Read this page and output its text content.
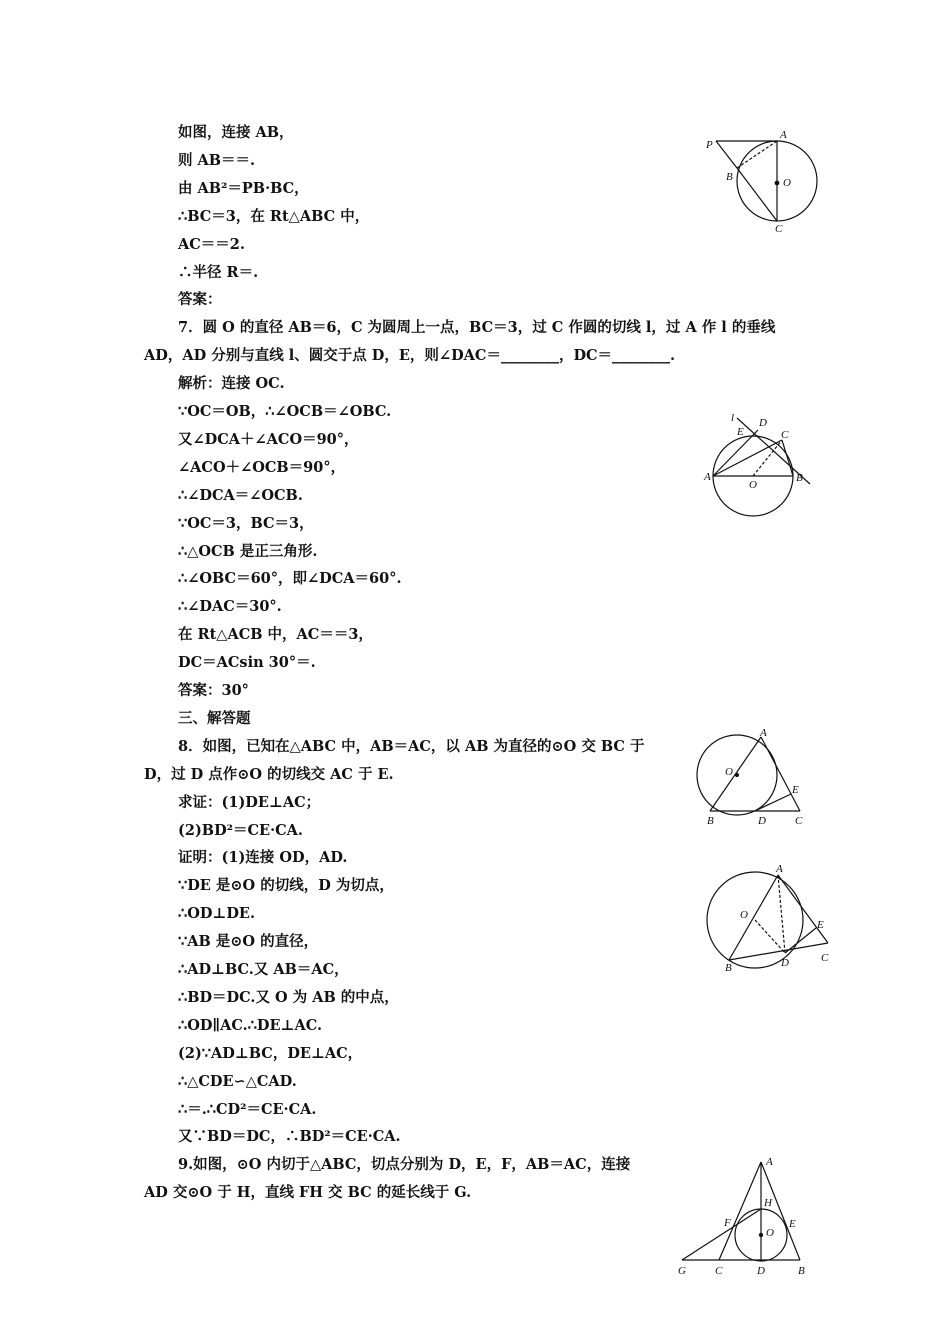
如图，连接 AB，
则 AB＝＝.
由 AB²＝PB·BC，
∴BC＝3，在 Rt△ABC 中，
AC＝＝2.
∴半径 R＝.
答案：
7．圆 O 的直径 AB＝6，C 为圆周上一点，BC＝3，过 C 作圆的切线 l，过 A 作 l 的垂线
AD，AD 分别与直线 l、圆交于点 D，E，则∠DAC＝________，DC＝________.
解析：连接 OC.
∵OC＝OB，∴∠OCB＝∠OBC.
又∠DCA＋∠ACO＝90°，
∠ACO＋∠OCB＝90°，
∴∠DCA＝∠OCB.
∵OC＝3，BC＝3，
∴△OCB 是正三角形.
∴∠OBC＝60°，即∠DCA＝60°.
∴∠DAC＝30°.
在 Rt△ACB 中，AC＝＝3，
DC＝ACsin 30°＝.
答案：30°
三、解答题
8．如图，已知在△ABC 中，AB＝AC，以 AB 为直径的⊙O 交 BC 于
D，过 D 点作⊙O 的切线交 AC 于 E.
求证：(1)DE⊥AC；
(2)BD²＝CE·CA.
证明：(1)连接 OD，AD.
∵DE 是⊙O 的切线，D 为切点，
∴OD⊥DE.
∵AB 是⊙O 的直径，
∴AD⊥BC.又 AB＝AC，
∴BD＝DC.又 O 为 AB 的中点，
∴OD∥AC.∴DE⊥AC.
(2)∵AD⊥BC，DE⊥AC，
∴△CDE∽△CAD.
∴＝.∴CD²＝CE·CA.
又∵BD＝DC，∴BD²＝CE·CA.
9.如图，⊙O 内切于△ABC，切点分别为 D，E，F，AB＝AC，连接
AD 交⊙O 于 H，直线 FH 交 BC 的延长线于 G.
P
A
B	O
C
l D
E	C
A
O
B
A
O
E
B	D	C
A
O
E
B	D	C
A
H
F
O
E
G	C	D	B
